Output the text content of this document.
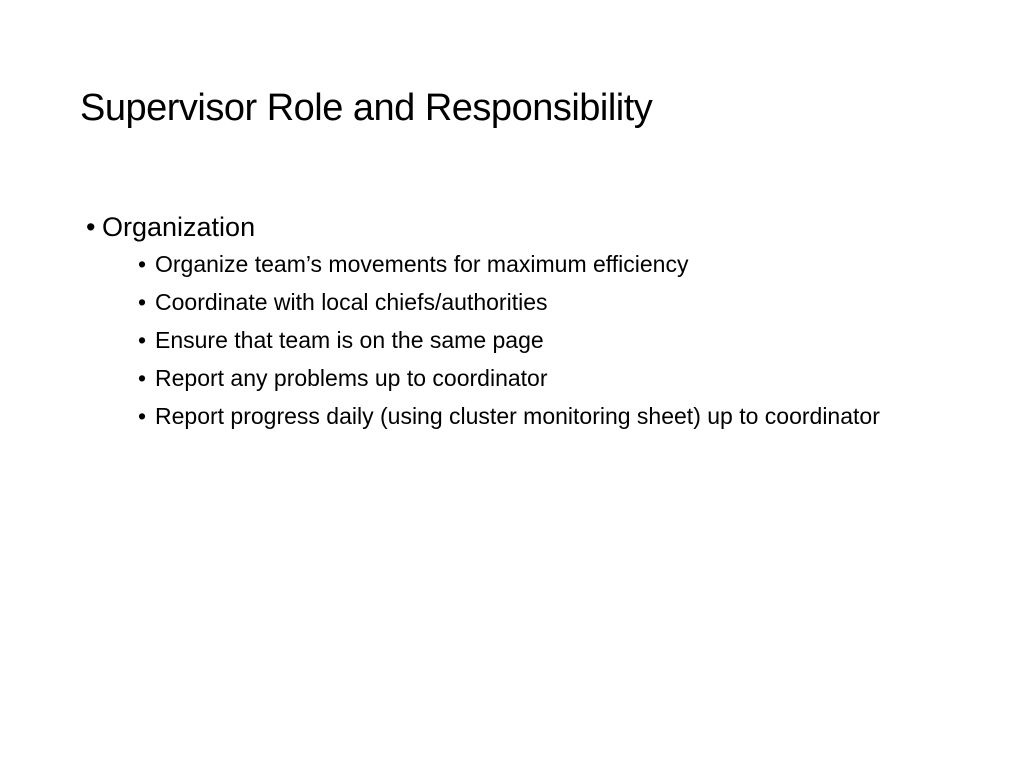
Supervisor Role and Responsibility
• Organization
• Organize team’s movements for maximum efficiency
• Coordinate with local chiefs/authorities
• Ensure that team is on the same page
• Report any problems up to coordinator
• Report progress daily (using cluster monitoring sheet) up to coordinator
